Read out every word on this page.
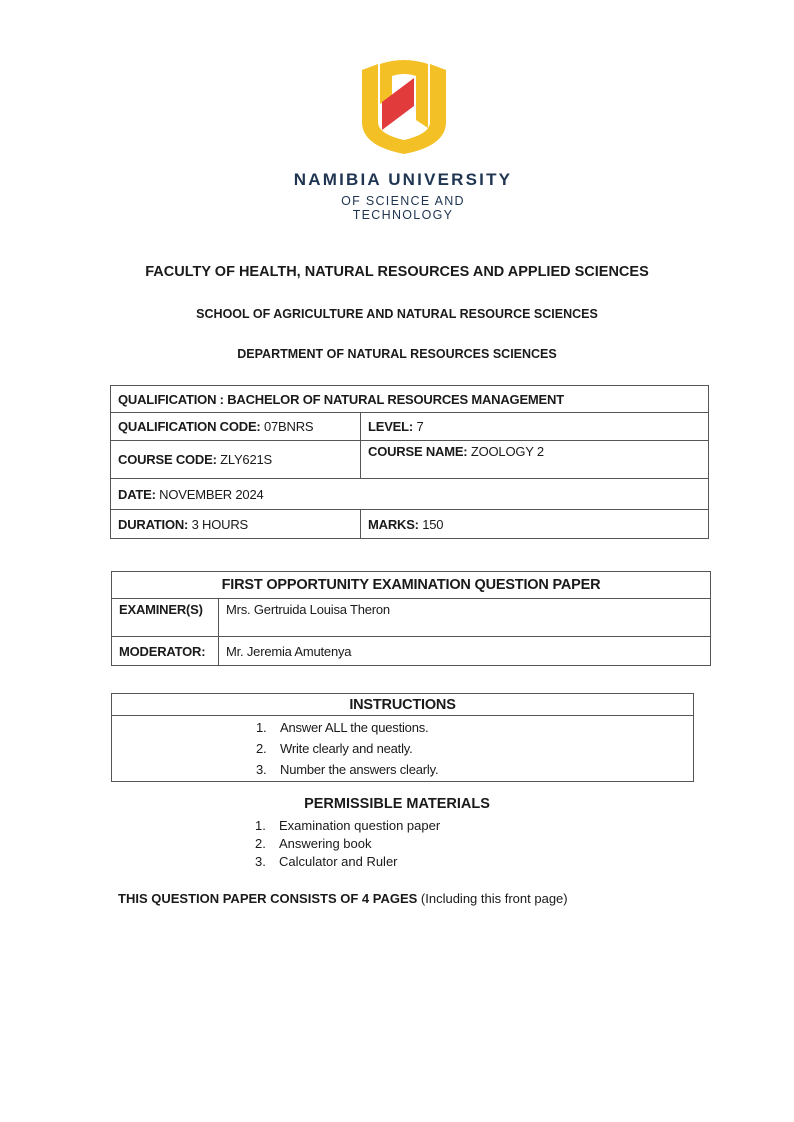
NAMIBIA UNIVERSITY
OF SCIENCE AND TECHNOLOGY
FACULTY OF HEALTH, NATURAL RESOURCES AND APPLIED SCIENCES
SCHOOL OF AGRICULTURE AND NATURAL RESOURCE SCIENCES
DEPARTMENT OF NATURAL RESOURCES SCIENCES
QUALIFICATION : BACHELOR OF NATURAL RESOURCES MANAGEMENT	
QUALIFICATION CODE: 07BNRS	LEVEL: 7
COURSE CODE: ZLY621S	COURSE NAME: ZOOLOGY 2
DATE: NOVEMBER 2024	
DURATION: 3 HOURS	MARKS: 150
FIRST OPPORTUNITY EXAMINATION QUESTION PAPER	
EXAMINER(S)	Mrs. Gertruida Louisa Theron
MODERATOR:	Mr. Jeremia Amutenya
INSTRUCTIONS

1. Answer ALL the questions.
2. Write clearly and neatly.
3. Number the answers clearly.
PERMISSIBLE MATERIALS
1. Examination question paper
2. Answering book
3. Calculator and Ruler
THIS QUESTION PAPER CONSISTS OF 4 PAGES (Including this front page)
